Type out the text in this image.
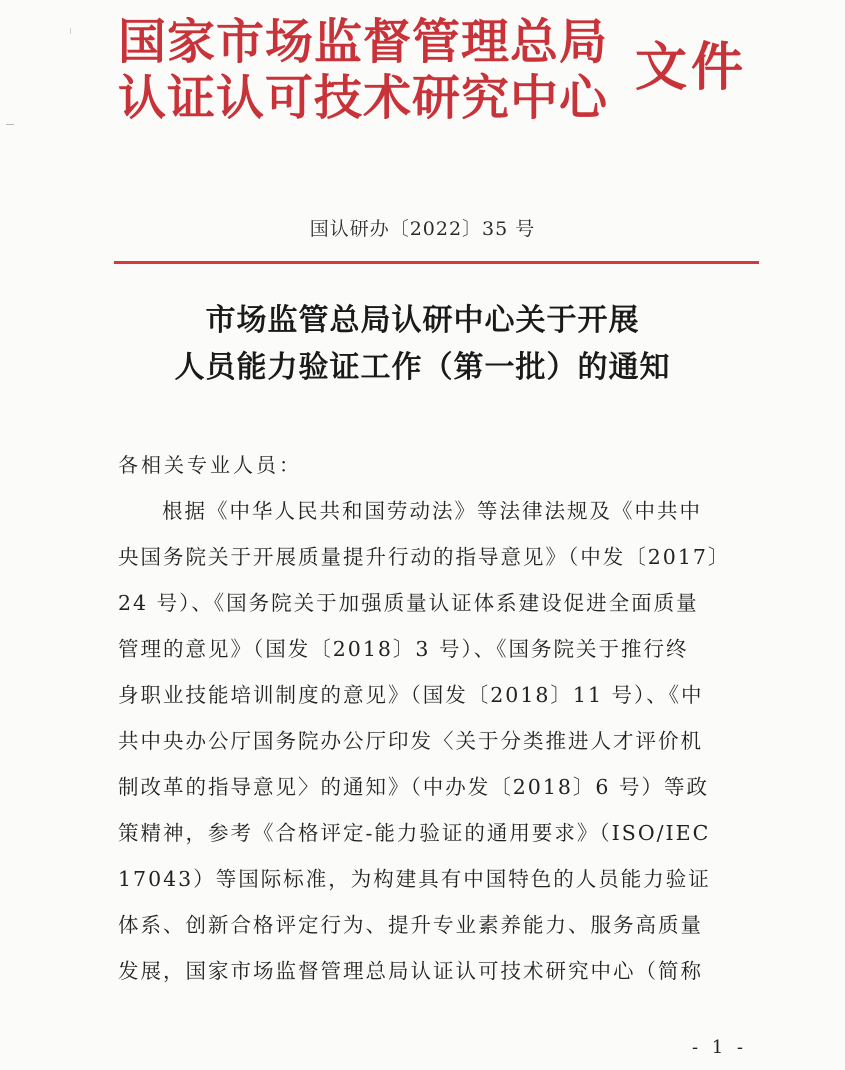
国家市场监督管理总局
认证认可技术研究中心 文件
国认研办〔2022〕35 号
市场监管总局认研中心关于开展
人员能力验证工作（第一批）的通知
各相关专业人员：
根据《中华人民共和国劳动法》等法律法规及《中共中
央国务院关于开展质量提升行动的指导意见》（中发〔2017〕
24 号）、《国务院关于加强质量认证体系建设促进全面质量
管理的意见》（国发〔2018〕3 号）、《国务院关于推行终
身职业技能培训制度的意见》（国发〔2018〕11 号）、《中
共中央办公厅国务院办公厅印发〈关于分类推进人才评价机
制改革的指导意见〉的通知》（中办发〔2018〕6 号）等政
策精神，参考《合格评定-能力验证的通用要求》（ISO/IEC
17043）等国际标准，为构建具有中国特色的人员能力验证
体系、创新合格评定行为、提升专业素养能力、服务高质量
发展，国家市场监督管理总局认证认可技术研究中心（简称
- 1 -
